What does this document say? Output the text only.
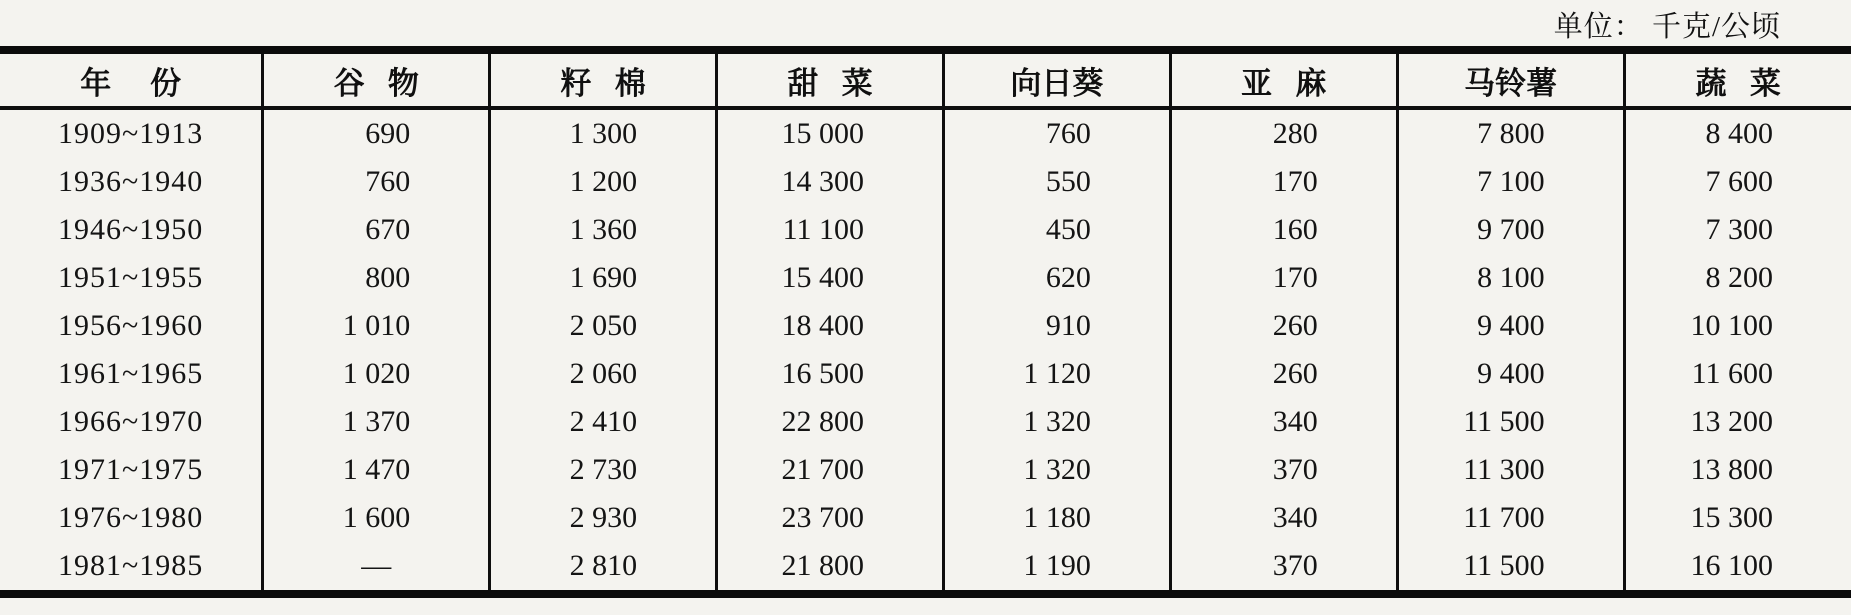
单位： 千克/公顷
年     份	谷   物	籽   棉	甜   菜	向日葵	亚   麻	马铃薯	蔬   菜
1909~1913	690	1 300	15 000	760	280	7 800	8 400
1936~1940	760	1 200	14 300	550	170	7 100	7 600
1946~1950	670	1 360	11 100	450	160	9 700	7 300
1951~1955	800	1 690	15 400	620	170	8 100	8 200
1956~1960	1 010	2 050	18 400	910	260	9 400	10 100
1961~1965	1 020	2 060	16 500	1 120	260	9 400	11 600
1966~1970	1 370	2 410	22 800	1 320	340	11 500	13 200
1971~1975	1 470	2 730	21 700	1 320	370	11 300	13 800
1976~1980	1 600	2 930	23 700	1 180	340	11 700	15 300
1981~1985	—	2 810	21 800	1 190	370	11 500	16 100
